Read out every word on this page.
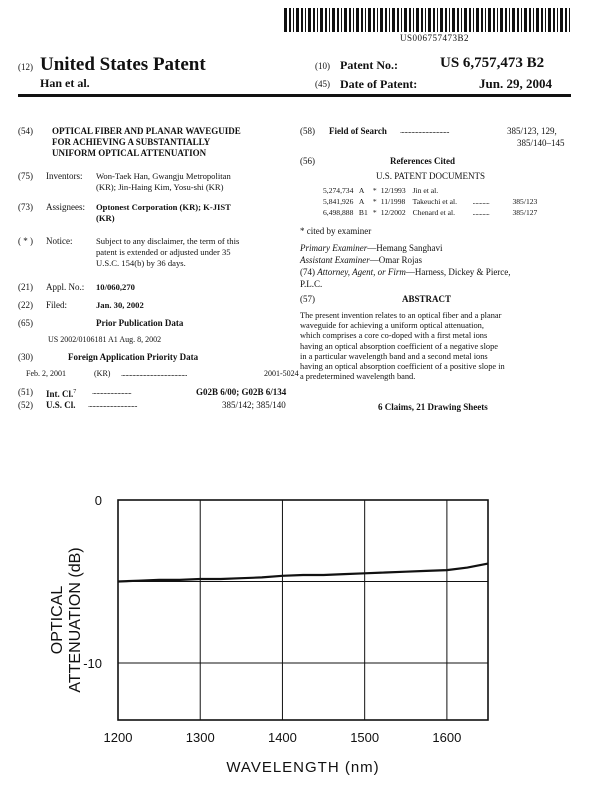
US006757473B2
(12) United States Patent
Han et al.
(10) Patent No.:	US 6,757,473 B2
(45) Date of Patent:	Jun. 29, 2004
(54)	OPTICAL FIBER AND PLANAR WAVEGUIDE
FOR ACHIEVING A SUBSTANTIALLY
UNIFORM OPTICAL ATTENUATION
(75)	Inventors: Won-Taek Han, Gwangju Metropolitan
(KR); Jin-Haing Kim, Yosu-shi (KR)
(73)	Assignees: Optonest Corporation (KR); K-JIST
(KR)
( * )	Notice:	Subject to any disclaimer, the term of this
patent is extended or adjusted under 35
U.S.C. 154(b) by 36 days.
(21)	Appl. No.: 10/060,270
(22)	Filed:	Jan. 30, 2002
(65)	Prior Publication Data
US 2002/0106181 A1 Aug. 8, 2002
(30)	Foreign Application Priority Data
Feb. 2, 2001	(KR) ...............................................	2001-5024
(51)	Int. Cl.$^7$ ............................	G02B 6/00; G02B 6/134
(52)	U.S. Cl. ...................................	385/142; 385/140
(58) Field of Search ...................................	385/123, 129,
385/140–145
(56)	References Cited
U.S. PATENT DOCUMENTS
5,274,734 A * 12/1993 Jin et al.
5,841,926 A * 11/1998 Takeuchi et al. ............	385/123
6,498,888 B1 * 12/2002 Chenard et al. ............	385/127
* cited by examiner
Primary Examiner—Hemang Sanghavi
Assistant Examiner—Omar Rojas
(74) Attorney, Agent, or Firm—Harness, Dickey & Pierce,
P.L.C.
(57)	ABSTRACT
The present invention relates to an optical fiber and a planar
waveguide for achieving a uniform optical attenuation,
which comprises a core co-doped with a first metal ions
having an optical absorption coefficient of a negative slope
in a particular wavelength band and a second metal ions
having an optical absorption coefficient of a positive slope in
a predetermined wavelength band.
6 Claims, 21 Drawing Sheets
1200	1300	1400	1500	1600
0
-10
WAVELENGTH (nm)
OPTICAL ATTENUATION (dB)
